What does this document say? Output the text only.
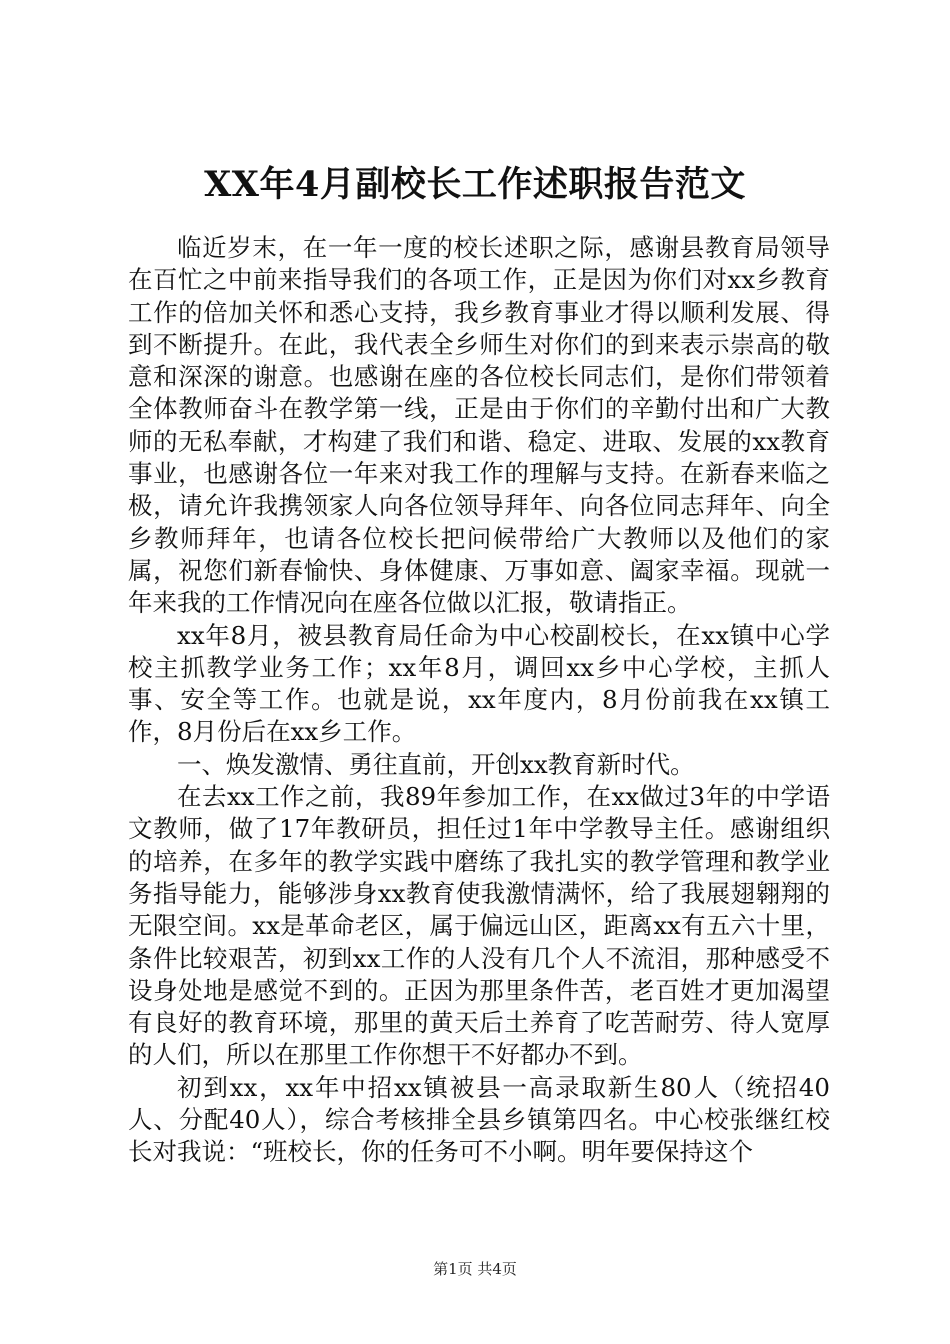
XX年4月副校长工作述职报告范文

临近岁末，在一年一度的校长述职之际，感谢县教育局领导在百忙之中前来指导我们的各项工作，正是因为你们对xx乡教育工作的倍加关怀和悉心支持，我乡教育事业才得以顺利发展、得到不断提升。在此，我代表全乡师生对你们的到来表示崇高的敬意和深深的谢意。也感谢在座的各位校长同志们，是你们带领着全体教师奋斗在教学第一线，正是由于你们的辛勤付出和广大教师的无私奉献，才构建了我们和谐、稳定、进取、发展的xx教育事业，也感谢各位一年来对我工作的理解与支持。在新春来临之极，请允许我携领家人向各位领导拜年、向各位同志拜年、向全乡教师拜年，也请各位校长把问候带给广大教师以及他们的家属，祝您们新春愉快、身体健康、万事如意、阖家幸福。现就一年来我的工作情况向在座各位做以汇报，敬请指正。

xx年8月，被县教育局任命为中心校副校长，在xx镇中心学校主抓教学业务工作；xx年8月，调回xx乡中心学校，主抓人事、安全等工作。也就是说，xx年度内，8月份前我在xx镇工作，8月份后在xx乡工作。

一、焕发激情、勇往直前，开创xx教育新时代。

在去xx工作之前，我89年参加工作，在xx做过3年的中学语文教师，做了17年教研员，担任过1年中学教导主任。感谢组织的培养，在多年的教学实践中磨练了我扎实的教学管理和教学业务指导能力，能够涉身xx教育使我激情满怀，给了我展翅翱翔的无限空间。xx是革命老区，属于偏远山区，距离xx有五六十里，条件比较艰苦，初到xx工作的人没有几个人不流泪，那种感受不设身处地是感觉不到的。正因为那里条件苦，老百姓才更加渴望有良好的教育环境，那里的黄天后土养育了吃苦耐劳、待人宽厚的人们，所以在那里工作你想干不好都办不到。

初到xx，xx年中招xx镇被县一高录取新生80人（统招40人、分配40人），综合考核排全县乡镇第四名。中心校张继红校长对我说：“班校长，你的任务可不小啊。明年要保持这个

第1页 共4页
